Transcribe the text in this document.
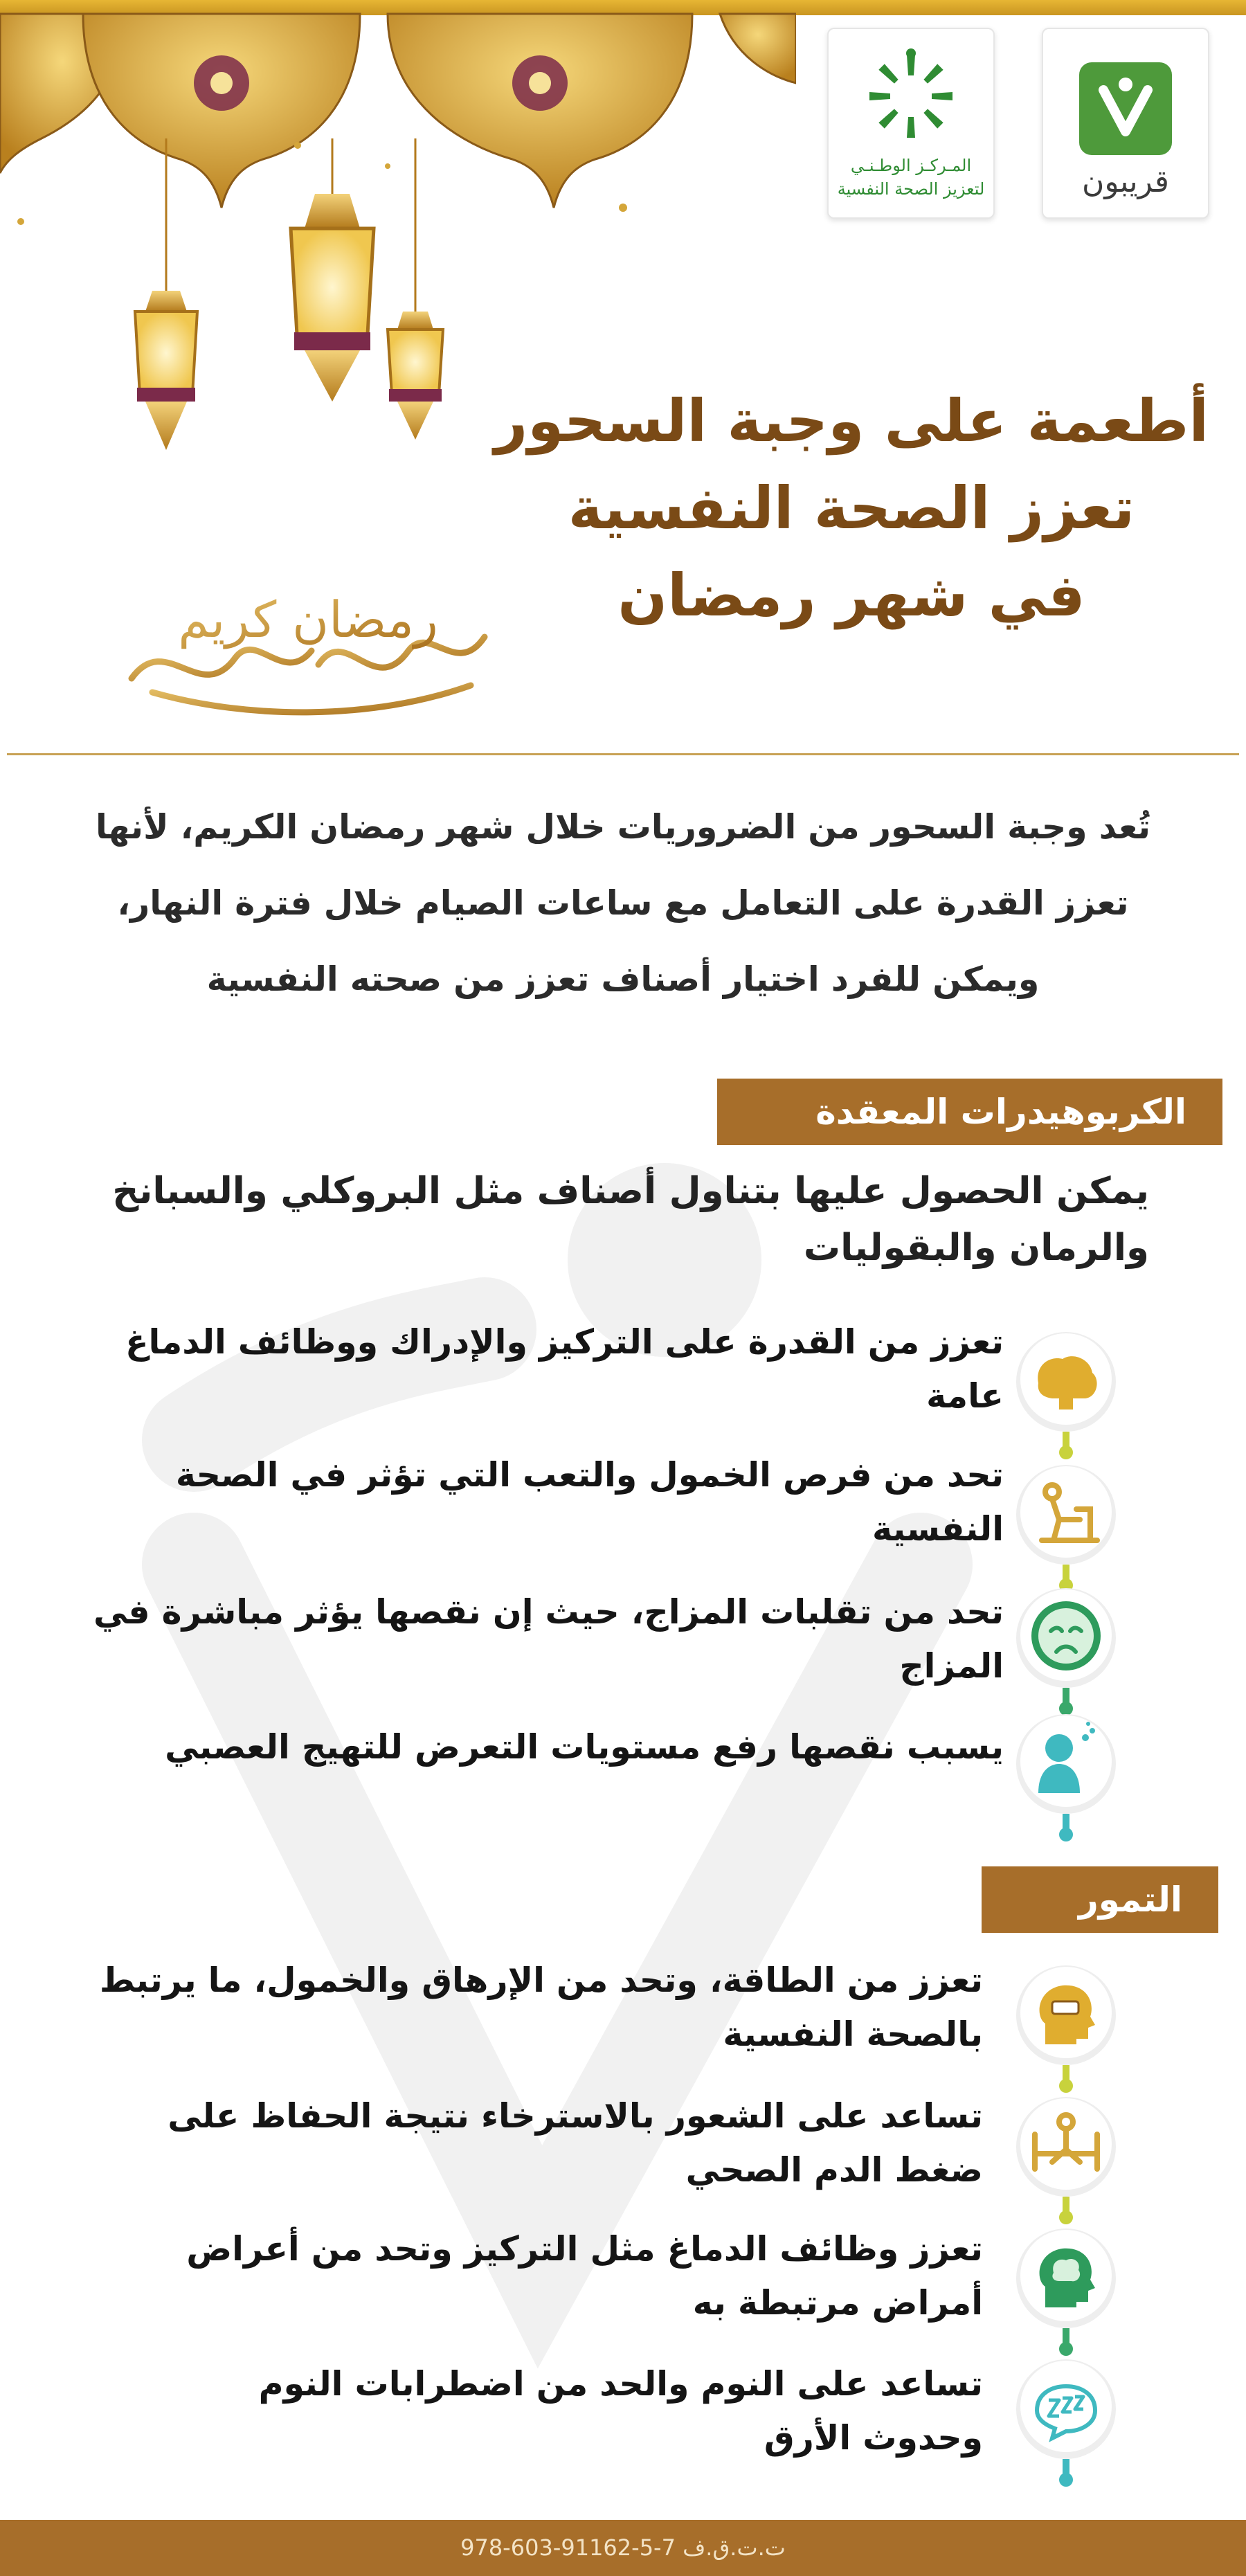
قريبون
المـركـز الوطـنـي
لتعزيز الصحة النفسية
أطعمة على وجبة السحور
تعزز الصحة النفسية
في شهر رمضان
رمضان كريم
تُعد وجبة السحور من الضروريات خلال شهر رمضان الكريم، لأنها
تعزز القدرة على التعامل مع ساعات الصيام خلال فترة النهار،
ويمكن للفرد اختيار أصناف تعزز من صحته النفسية
الكربوهيدرات المعقدة
يمكن الحصول عليها بتناول أصناف مثل البروكلي والسبانخ
والرمان والبقوليات
تعزز من القدرة على التركيز والإدراك ووظائف الدماغ
عامة
تحد من فرص الخمول والتعب التي تؤثر في الصحة
النفسية
تحد من تقلبات المزاج، حيث إن نقصها يؤثر مباشرة في
المزاج
يسبب نقصها رفع مستويات التعرض للتهيج العصبي
التمور
تعزز من الطاقة، وتحد من الإرهاق والخمول، ما يرتبط
بالصحة النفسية
تساعد على الشعور بالاسترخاء نتيجة الحفاظ على
ضغط الدم الصحي
تعزز وظائف الدماغ مثل التركيز وتحد من أعراض
أمراض مرتبطة به
تساعد على النوم والحد من اضطرابات النوم
وحدوث الأرق
ت.ت.ق.ف 7-5-91162-603-978
